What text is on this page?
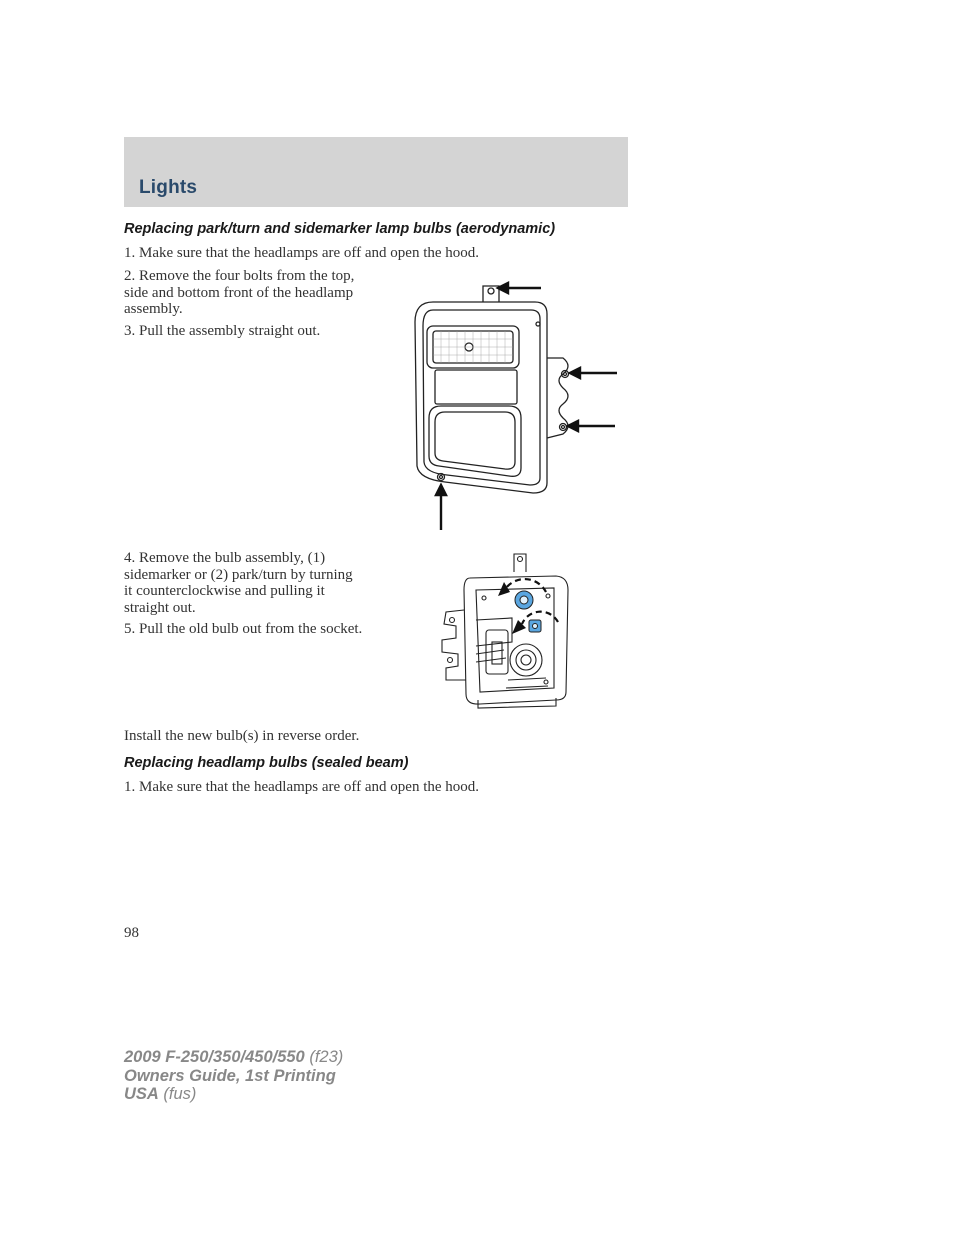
Lights

Replacing park/turn and sidemarker lamp bulbs (aerodynamic)

1. Make sure that the headlamps are off and open the hood.

2. Remove the four bolts from the top, side and bottom front of the headlamp assembly.

3. Pull the assembly straight out.

4. Remove the bulb assembly, (1) sidemarker or (2) park/turn by turning it counterclockwise and pulling it straight out.

5. Pull the old bulb out from the socket.

Install the new bulb(s) in reverse order.

Replacing headlamp bulbs (sealed beam)

1. Make sure that the headlamps are off and open the hood.

98
2009 F-250/350/450/550 (f23)
Owners Guide, 1st Printing
USA (fus)
